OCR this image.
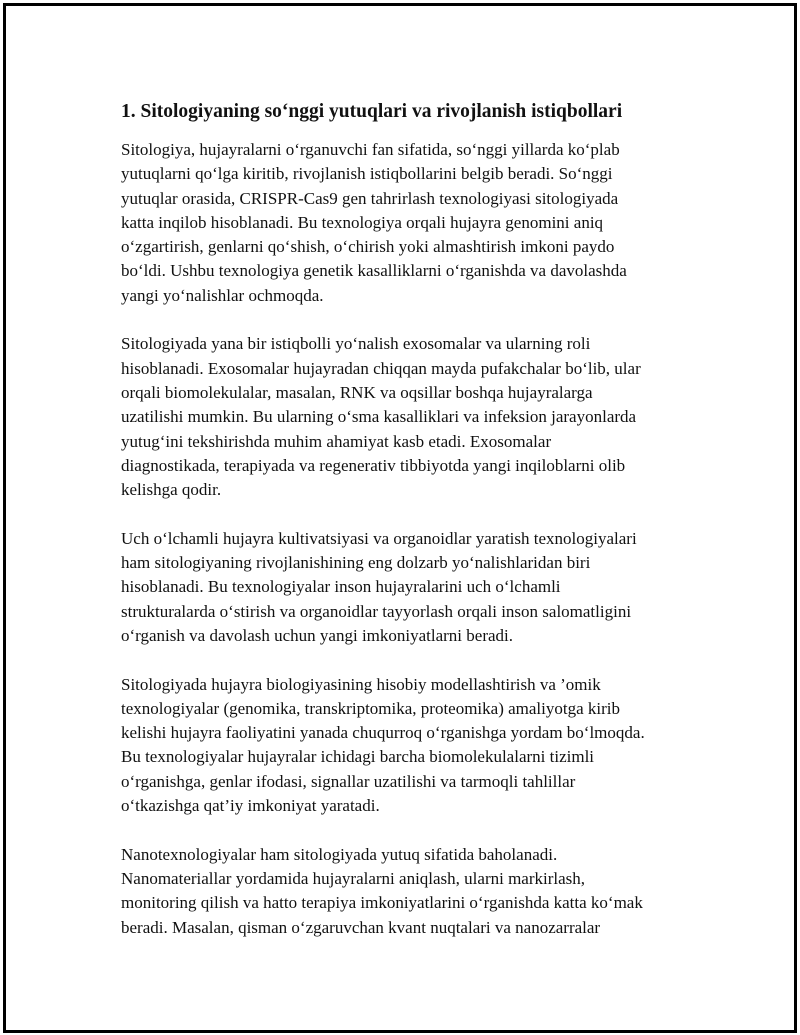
1. Sitologiyaning so‘nggi yutuqlari va rivojlanish istiqbollari

Sitologiya, hujayralarni o‘rganuvchi fan sifatida, so‘nggi yillarda ko‘plab
yutuqlarni qo‘lga kiritib, rivojlanish istiqbollarini belgib beradi. So‘nggi
yutuqlar orasida, CRISPR-Cas9 gen tahrirlash texnologiyasi sitologiyada
katta inqilob hisoblanadi. Bu texnologiya orqali hujayra genomini aniq
o‘zgartirish, genlarni qo‘shish, o‘chirish yoki almashtirish imkoni paydo
bo‘ldi. Ushbu texnologiya genetik kasalliklarni o‘rganishda va davolashda
yangi yo‘nalishlar ochmoqda.

Sitologiyada yana bir istiqbolli yo‘nalish exosomalar va ularning roli
hisoblanadi. Exosomalar hujayradan chiqqan mayda pufakchalar bo‘lib, ular
orqali biomolekulalar, masalan, RNK va oqsillar boshqa hujayralarga
uzatilishi mumkin. Bu ularning o‘sma kasalliklari va infeksion jarayonlarda
yutug‘ini tekshirishda muhim ahamiyat kasb etadi. Exosomalar
diagnostikada, terapiyada va regenerativ tibbiyotda yangi inqiloblarni olib
kelishga qodir.

Uch o‘lchamli hujayra kultivatsiyasi va organoidlar yaratish texnologiyalari
ham sitologiyaning rivojlanishining eng dolzarb yo‘nalishlaridan biri
hisoblanadi. Bu texnologiyalar inson hujayralarini uch o‘lchamli
strukturalarda o‘stirish va organoidlar tayyorlash orqali inson salomatligini
o‘rganish va davolash uchun yangi imkoniyatlarni beradi.

Sitologiyada hujayra biologiyasining hisobiy modellashtirish va ’omik
texnologiyalar (genomika, transkriptomika, proteomika) amaliyotga kirib
kelishi hujayra faoliyatini yanada chuqurroq o‘rganishga yordam bo‘lmoqda.
Bu texnologiyalar hujayralar ichidagi barcha biomolekulalarni tizimli
o‘rganishga, genlar ifodasi, signallar uzatilishi va tarmoqli tahlillar
o‘tkazishga qat’iy imkoniyat yaratadi.

Nanotexnologiyalar ham sitologiyada yutuq sifatida baholanadi.
Nanomateriallar yordamida hujayralarni aniqlash, ularni markirlash,
monitoring qilish va hatto terapiya imkoniyatlarini o‘rganishda katta ko‘mak
beradi. Masalan, qisman o‘zgaruvchan kvant nuqtalari va nanozarralar
